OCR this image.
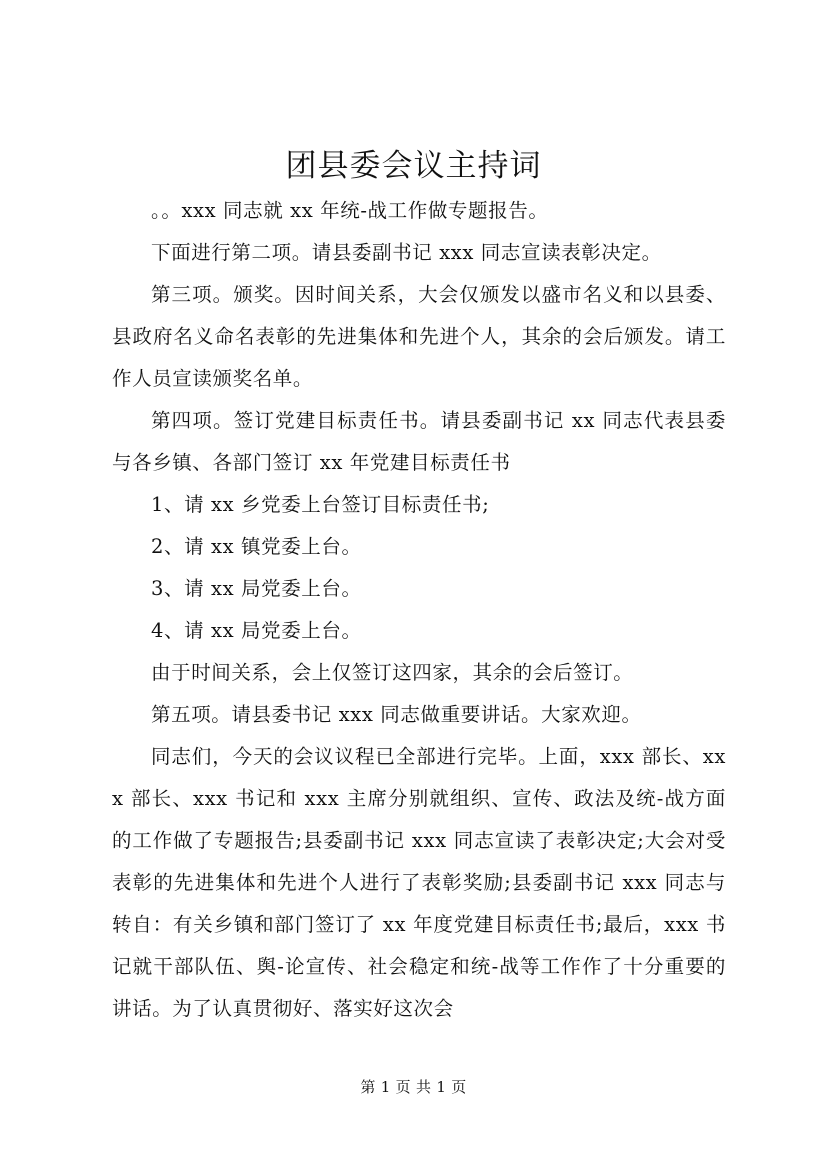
团县委会议主持词

。。xxx 同志就 xx 年统-战工作做专题报告。

下面进行第二项。请县委副书记 xxx 同志宣读表彰决定。

第三项。颁奖。因时间关系，大会仅颁发以盛市名义和以县委、县政府名义命名表彰的先进集体和先进个人，其余的会后颁发。请工作人员宣读颁奖名单。

第四项。签订党建目标责任书。请县委副书记 xx 同志代表县委与各乡镇、各部门签订 xx 年党建目标责任书

1、请 xx 乡党委上台签订目标责任书;

2、请 xx 镇党委上台。

3、请 xx 局党委上台。

4、请 xx 局党委上台。

由于时间关系，会上仅签订这四家，其余的会后签订。

第五项。请县委书记 xxx 同志做重要讲话。大家欢迎。

同志们，今天的会议议程已全部进行完毕。上面，xxx 部长、xxx 部长、xxx 书记和 xxx 主席分别就组织、宣传、政法及统-战方面的工作做了专题报告;县委副书记 xxx 同志宣读了表彰决定;大会对受表彰的先进集体和先进个人进行了表彰奖励;县委副书记 xxx 同志与转自：有关乡镇和部门签订了 xx 年度党建目标责任书;最后，xxx 书记就干部队伍、舆-论宣传、社会稳定和统-战等工作作了十分重要的讲话。为了认真贯彻好、落实好这次会

第 1 页 共 1 页
